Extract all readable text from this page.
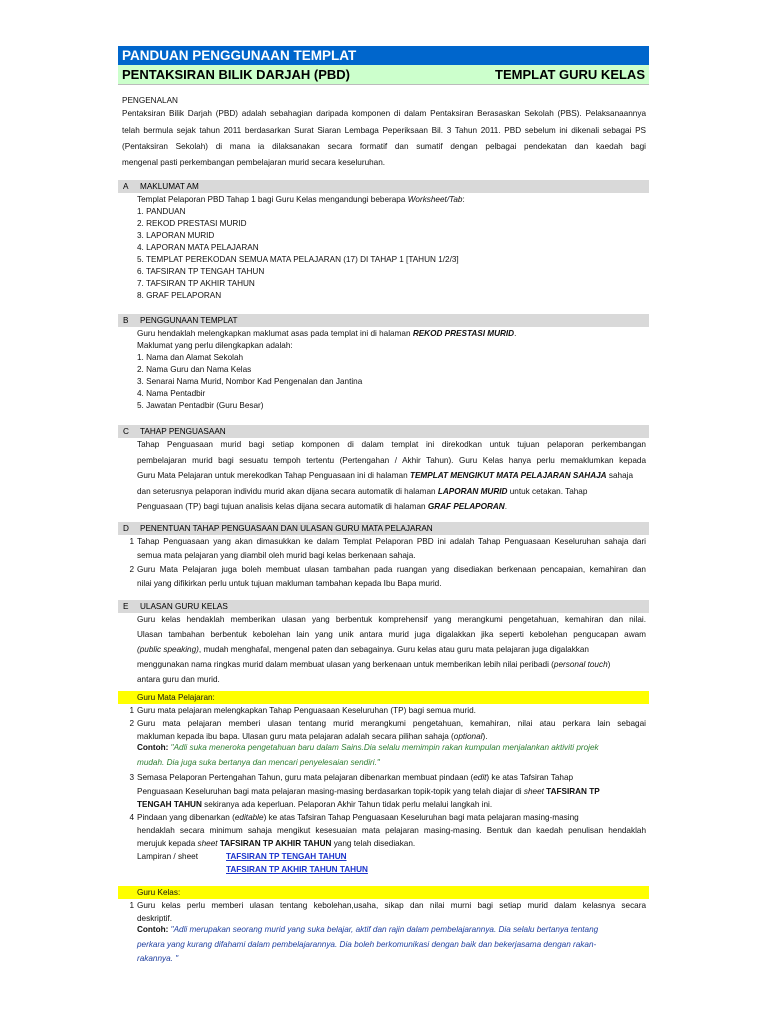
PANDUAN PENGGUNAAN TEMPLAT
PENTAKSIRAN BILIK DARJAH (PBD)	TEMPLAT GURU KELAS
PENGENALAN
Pentaksiran Bilik Darjah (PBD) adalah sebahagian daripada komponen di dalam Pentaksiran Berasaskan Sekolah (PBS). Pelaksanaannya
telah bermula sejak tahun 2011 berdasarkan Surat Siaran Lembaga Peperiksaan Bil. 3 Tahun 2011. PBD sebelum ini dikenali sebagai PS
(Pentaksiran Sekolah) di mana ia dilaksanakan secara formatif dan sumatif dengan pelbagai pendekatan dan kaedah bagi
mengenal pasti perkembangan pembelajaran murid secara keseluruhan.
A MAKLUMAT AM
Templat Pelaporan PBD Tahap 1 bagi Guru Kelas mengandungi beberapa Worksheet/Tab:
1. PANDUAN
2. REKOD PRESTASI MURID
3. LAPORAN MURID
4. LAPORAN MATA PELAJARAN
5. TEMPLAT PEREKODAN SEMUA MATA PELAJARAN (17) DI TAHAP 1 [TAHUN 1/2/3]
6. TAFSIRAN TP TENGAH TAHUN
7. TAFSIRAN TP AKHIR TAHUN
8. GRAF PELAPORAN
B PENGGUNAAN TEMPLAT
Guru hendaklah melengkapkan maklumat asas pada templat ini di halaman REKOD PRESTASI MURID.
Maklumat yang perlu dilengkapkan adalah:
1. Nama dan Alamat Sekolah
2. Nama Guru dan Nama Kelas
3. Senarai Nama Murid, Nombor Kad Pengenalan dan Jantina
4. Nama Pentadbir
5. Jawatan Pentadbir (Guru Besar)
C TAHAP PENGUASAAN
Tahap Penguasaan murid bagi setiap komponen di dalam templat ini direkodkan untuk tujuan pelaporan perkembangan
pembelajaran murid bagi sesuatu tempoh tertentu (Pertengahan / Akhir Tahun). Guru Kelas hanya perlu memaklumkan kepada
Guru Mata Pelajaran untuk merekodkan Tahap Penguasaan ini di halaman TEMPLAT MENGIKUT MATA PELAJARAN SAHAJA sahaja
dan seterusnya pelaporan individu murid akan dijana secara automatik di halaman LAPORAN MURID untuk cetakan. Tahap
Penguasaan (TP) bagi tujuan analisis kelas dijana secara automatik di halaman GRAF PELAPORAN.
D PENENTUAN TAHAP PENGUASAAN DAN ULASAN GURU MATA PELAJARAN
1 Tahap Penguasaan yang akan dimasukkan ke dalam Templat Pelaporan PBD ini adalah Tahap Penguasaan Keseluruhan sahaja dari
semua mata pelajaran yang diambil oleh murid bagi kelas berkenaan sahaja.
2 Guru Mata Pelajaran juga boleh membuat ulasan tambahan pada ruangan yang disediakan berkenaan pencapaian, kemahiran dan
nilai yang difikirkan perlu untuk tujuan makluman tambahan kepada Ibu Bapa murid.
E ULASAN GURU KELAS
Guru kelas hendaklah memberikan ulasan yang berbentuk komprehensif yang merangkumi pengetahuan, kemahiran dan nilai.
Ulasan tambahan berbentuk kebolehan lain yang unik antara murid juga digalakkan jika seperti kebolehan pengucapan awam
(public speaking), mudah menghafal, mengenal paten dan sebagainya. Guru kelas atau guru mata pelajaran juga digalakkan
menggunakan nama ringkas murid dalam membuat ulasan yang berkenaan untuk memberikan lebih nilai peribadi (personal touch)
antara guru dan murid.
Guru Mata Pelajaran:
1 Guru mata pelajaran melengkapkan Tahap Penguasaan Keseluruhan (TP) bagi semua murid.
2 Guru mata pelajaran memberi ulasan tentang murid merangkumi pengetahuan, kemahiran, nilai atau perkara lain sebagai
makluman kepada ibu bapa. Ulasan guru mata pelajaran adalah secara pilihan sahaja (optional).
Contoh: "Adli suka meneroka pengetahuan baru dalam Sains.Dia selalu memimpin rakan kumpulan menjalankan aktiviti projek
mudah. Dia juga suka bertanya dan mencari penyelesaian sendiri."
3 Semasa Pelaporan Pertengahan Tahun, guru mata pelajaran dibenarkan membuat pindaan (edit) ke atas Tafsiran Tahap
Penguasaan Keseluruhan bagi mata pelajaran masing-masing berdasarkan topik-topik yang telah diajar di sheet TAFSIRAN TP
TENGAH TAHUN sekiranya ada keperluan. Pelaporan Akhir Tahun tidak perlu melalui langkah ini.
4 Pindaan yang dibenarkan (editable) ke atas Tafsiran Tahap Penguasaan Keseluruhan bagi mata pelajaran masing-masing
hendaklah secara minimum sahaja mengikut kesesuaian mata pelajaran masing-masing. Bentuk dan kaedah penulisan hendaklah
merujuk kepada sheet TAFSIRAN TP AKHIR TAHUN yang telah disediakan.
Lampiran / sheet	TAFSIRAN TP TENGAH TAHUN
TAFSIRAN TP AKHIR TAHUN TAHUN
Guru Kelas:
1 Guru kelas perlu memberi ulasan tentang kebolehan,usaha, sikap dan nilai murni bagi setiap murid dalam kelasnya secara
deskriptif.
Contoh: "Adli merupakan seorang murid yang suka belajar, aktif dan rajin dalam pembelajarannya. Dia selalu bertanya tentang
perkara yang kurang difahami dalam pembelajarannya. Dia boleh berkomunikasi dengan baik dan bekerjasama dengan rakan-
rakannya. "
